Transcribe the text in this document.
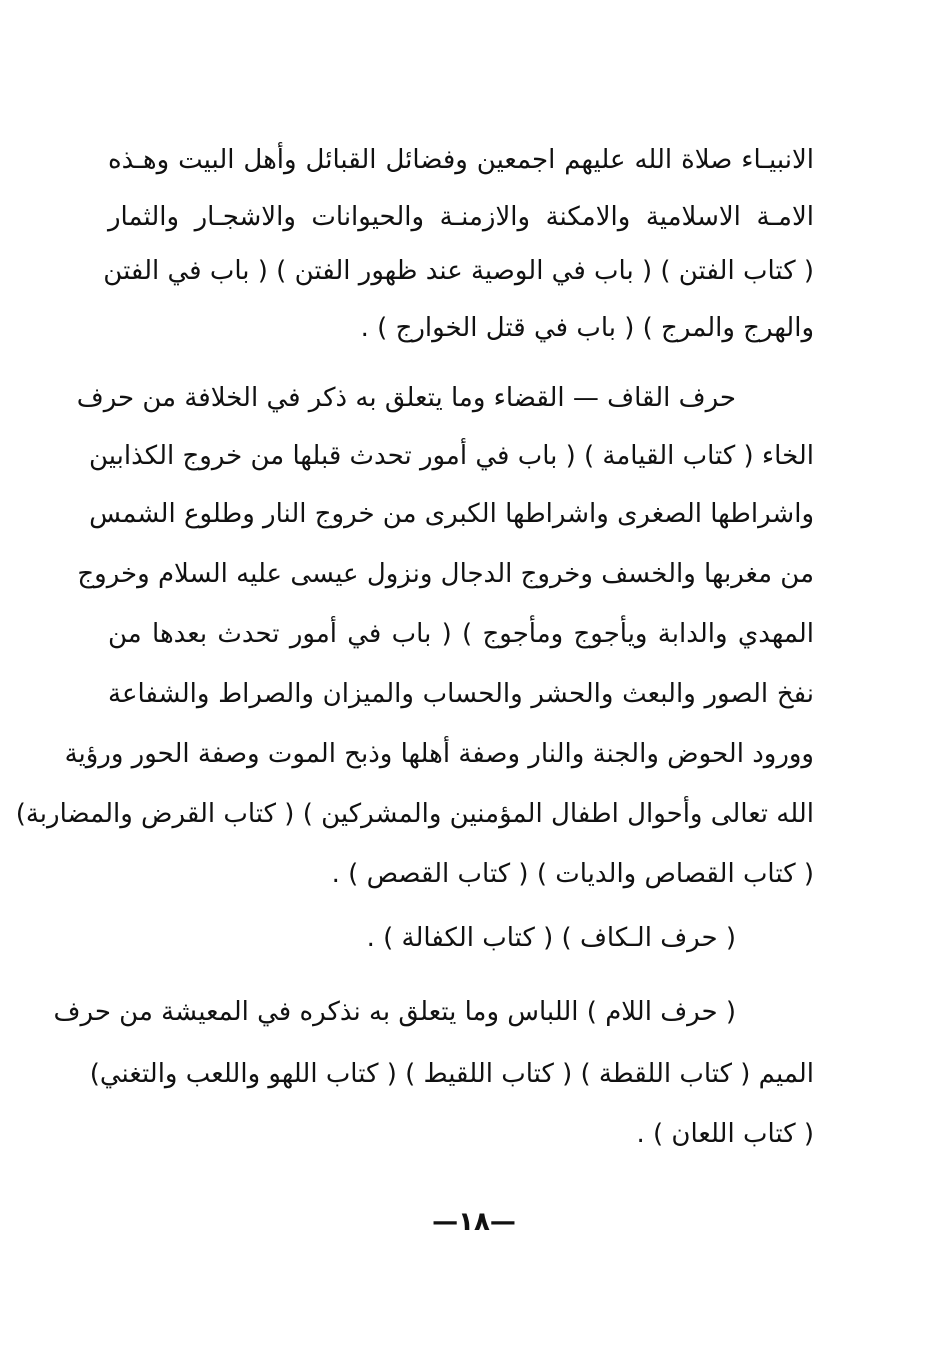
الانبيـاء صلاة الله عليهم اجمعين وفضائل القبائل وأهل البيت وهـذه
الامـة الاسلامية والامكنة والازمنـة والحيوانات والاشجـار والثمار
( كتاب الفتن ) ( باب في الوصية عند ظهور الفتن ) ( باب في الفتن
والهرج والمرج ) ( باب في قتل الخوارج ) .
حرف القاف — القضاء وما يتعلق به ذكر في الخلافة من حرف
الخاء ( كتاب القيامة ) ( باب في أمور تحدث قبلها من خروج الكذابين
واشراطها الصغرى واشراطها الكبرى من خروج النار وطلوع الشمس
من مغربها والخسف وخروج الدجال ونزول عيسى عليه السلام وخروج
المهدي والدابة ويأجوج ومأجوج ) ( باب في أمور تحدث بعدها من
نفخ الصور والبعث والحشر والحساب والميزان والصراط والشفاعة
وورود الحوض والجنة والنار وصفة أهلها وذبح الموت وصفة الحور ورؤية
الله تعالى وأحوال اطفال المؤمنين والمشركين ) ( كتاب القرض والمضاربة)
( كتاب القصاص والديات ) ( كتاب القصص ) .
( حرف الـكاف ) ( كتاب الكفالة ) .
( حرف اللام ) اللباس وما يتعلق به نذكره في المعيشة من حرف
الميم ( كتاب اللقطة ) ( كتاب اللقيط ) ( كتاب اللهو واللعب والتغني)
( كتاب اللعان ) .
—١٨—
